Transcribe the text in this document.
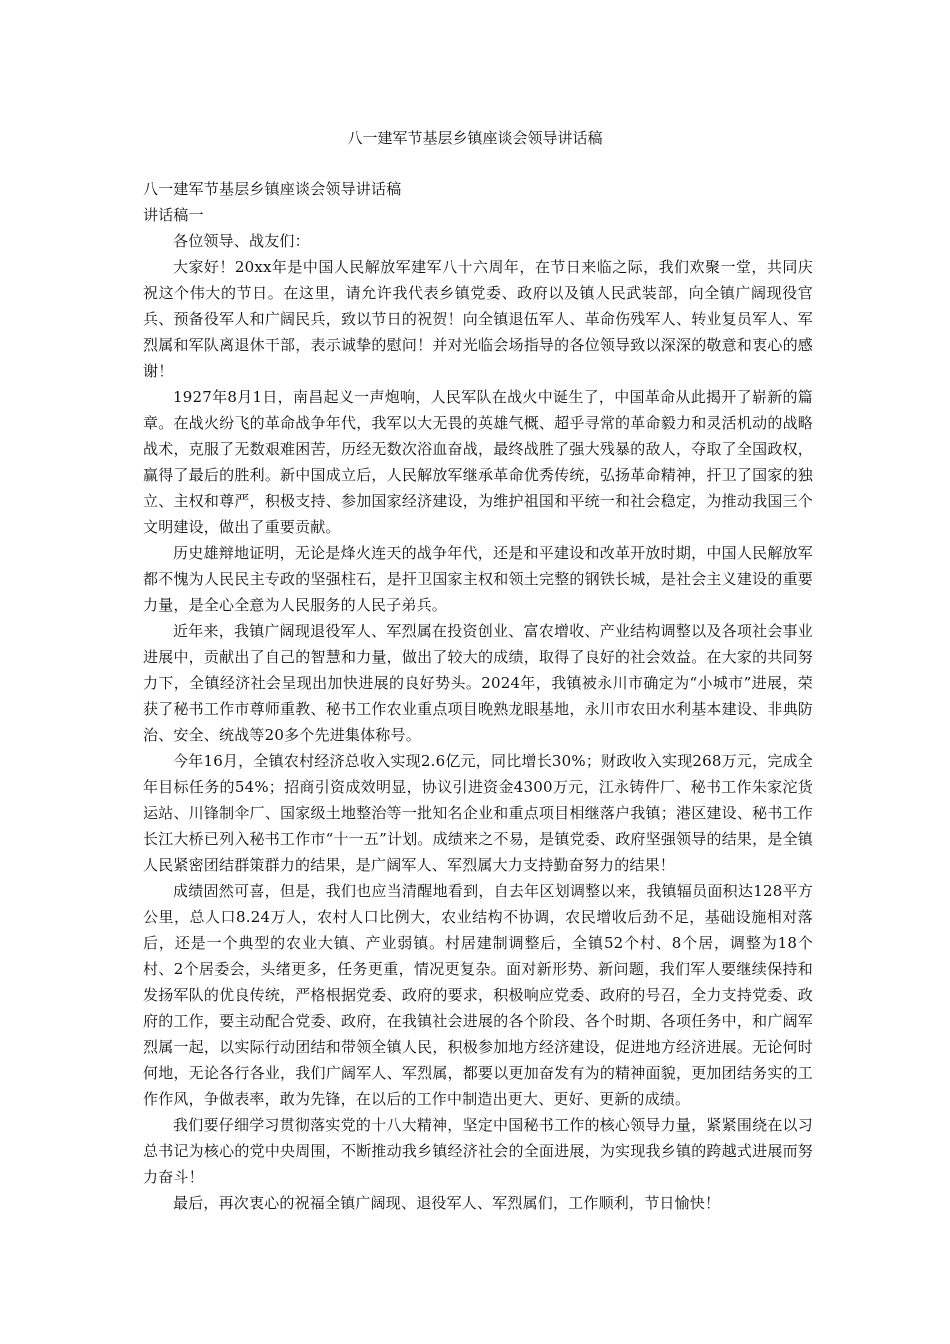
八一建军节基层乡镇座谈会领导讲话稿

八一建军节基层乡镇座谈会领导讲话稿

讲话稿一

各位领导、战友们：

大家好！20xx年是中国人民解放军建军八十六周年，在节日来临之际，我们欢聚一堂，共同庆祝这个伟大的节日。在这里，请允许我代表乡镇党委、政府以及镇人民武装部，向全镇广阔现役官兵、预备役军人和广阔民兵，致以节日的祝贺！向全镇退伍军人、革命伤残军人、转业复员军人、军烈属和军队离退休干部，表示诚挚的慰问！并对光临会场指导的各位领导致以深深的敬意和衷心的感谢！

1927年8月1日，南昌起义一声炮响，人民军队在战火中诞生了，中国革命从此揭开了崭新的篇章。在战火纷飞的革命战争年代，我军以大无畏的英雄气概、超乎寻常的革命毅力和灵活机动的战略战术，克服了无数艰难困苦，历经无数次浴血奋战，最终战胜了强大残暴的敌人，夺取了全国政权，赢得了最后的胜利。新中国成立后，人民解放军继承革命优秀传统，弘扬革命精神，扞卫了国家的独立、主权和尊严，积极支持、参加国家经济建设，为维护祖国和平统一和社会稳定，为推动我国三个文明建设，做出了重要贡献。

历史雄辩地证明，无论是烽火连天的战争年代，还是和平建设和改革开放时期，中国人民解放军都不愧为人民民主专政的坚强柱石，是扞卫国家主权和领土完整的钢铁长城，是社会主义建设的重要力量，是全心全意为人民服务的人民子弟兵。

近年来，我镇广阔现退役军人、军烈属在投资创业、富农增收、产业结构调整以及各项社会事业进展中，贡献出了自己的智慧和力量，做出了较大的成绩，取得了良好的社会效益。在大家的共同努力下，全镇经济社会呈现出加快进展的良好势头。2024年，我镇被永川市确定为“小城市”进展，荣获了秘书工作市尊师重教、秘书工作农业重点项目晚熟龙眼基地，永川市农田水利基本建设、非典防治、安全、统战等20多个先进集体称号。

今年16月，全镇农村经济总收入实现2.6亿元，同比增长30%；财政收入实现268万元，完成全年目标任务的54%；招商引资成效明显，协议引进资金4300万元，江永铸件厂、秘书工作朱家沱货运站、川锋制伞厂、国家级土地整治等一批知名企业和重点项目相继落户我镇；港区建设、秘书工作长江大桥已列入秘书工作市“十一五”计划。成绩来之不易，是镇党委、政府坚强领导的结果，是全镇人民紧密团结群策群力的结果，是广阔军人、军烈属大力支持勤奋努力的结果！

成绩固然可喜，但是，我们也应当清醒地看到，自去年区划调整以来，我镇辐员面积达128平方公里，总人口8.24万人，农村人口比例大，农业结构不协调，农民增收后劲不足，基础设施相对落后，还是一个典型的农业大镇、产业弱镇。村居建制调整后，全镇52个村、8个居，调整为18个村、2个居委会，头绪更多，任务更重，情况更复杂。面对新形势、新问题，我们军人要继续保持和发扬军队的优良传统，严格根据党委、政府的要求，积极响应党委、政府的号召，全力支持党委、政府的工作，要主动配合党委、政府，在我镇社会进展的各个阶段、各个时期、各项任务中，和广阔军烈属一起，以实际行动团结和带领全镇人民，积极参加地方经济建设，促进地方经济进展。无论何时何地，无论各行各业，我们广阔军人、军烈属，都要以更加奋发有为的精神面貌，更加团结务实的工作作风，争做表率，敢为先锋，在以后的工作中制造出更大、更好、更新的成绩。

我们要仔细学习贯彻落实党的十八大精神，坚定中国秘书工作的核心领导力量，紧紧围绕在以习总书记为核心的党中央周围，不断推动我乡镇经济社会的全面进展，为实现我乡镇的跨越式进展而努力奋斗！

最后，再次衷心的祝福全镇广阔现、退役军人、军烈属们，工作顺利，节日愉快！
